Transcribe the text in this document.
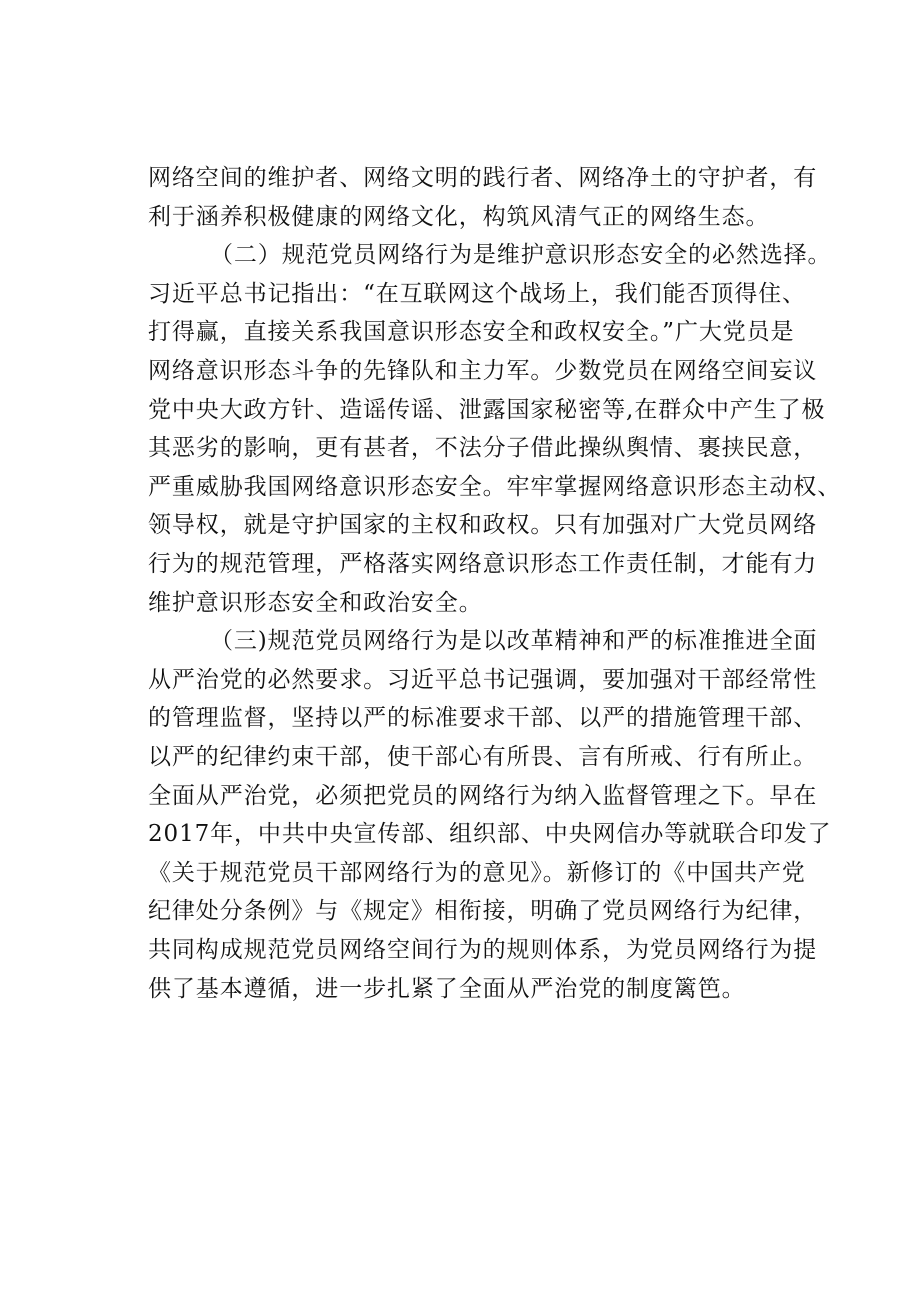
网络空间的维护者、网络文明的践行者、网络净土的守护者，有
利于涵养积极健康的网络文化，构筑风清气正的网络生态。
（二）规范党员网络行为是维护意识形态安全的必然选择。
习近平总书记指出：“在互联网这个战场上，我们能否顶得住、
打得赢，直接关系我国意识形态安全和政权安全。”广大党员是
网络意识形态斗争的先锋队和主力军。少数党员在网络空间妄议
党中央大政方针、造谣传谣、泄露国家秘密等,在群众中产生了极
其恶劣的影响，更有甚者，不法分子借此操纵舆情、裹挟民意，
严重威胁我国网络意识形态安全。牢牢掌握网络意识形态主动权、
领导权，就是守护国家的主权和政权。只有加强对广大党员网络
行为的规范管理，严格落实网络意识形态工作责任制，才能有力
维护意识形态安全和政治安全。
（三)规范党员网络行为是以改革精神和严的标准推进全面
从严治党的必然要求。习近平总书记强调，要加强对干部经常性
的管理监督，坚持以严的标准要求干部、以严的措施管理干部、
以严的纪律约束干部，使干部心有所畏、言有所戒、行有所止。
全面从严治党，必须把党员的网络行为纳入监督管理之下。早在
2017年，中共中央宣传部、组织部、中央网信办等就联合印发了
《关于规范党员干部网络行为的意见》。新修订的《中国共产党
纪律处分条例》与《规定》相衔接，明确了党员网络行为纪律，
共同构成规范党员网络空间行为的规则体系，为党员网络行为提
供了基本遵循，进一步扎紧了全面从严治党的制度篱笆。
